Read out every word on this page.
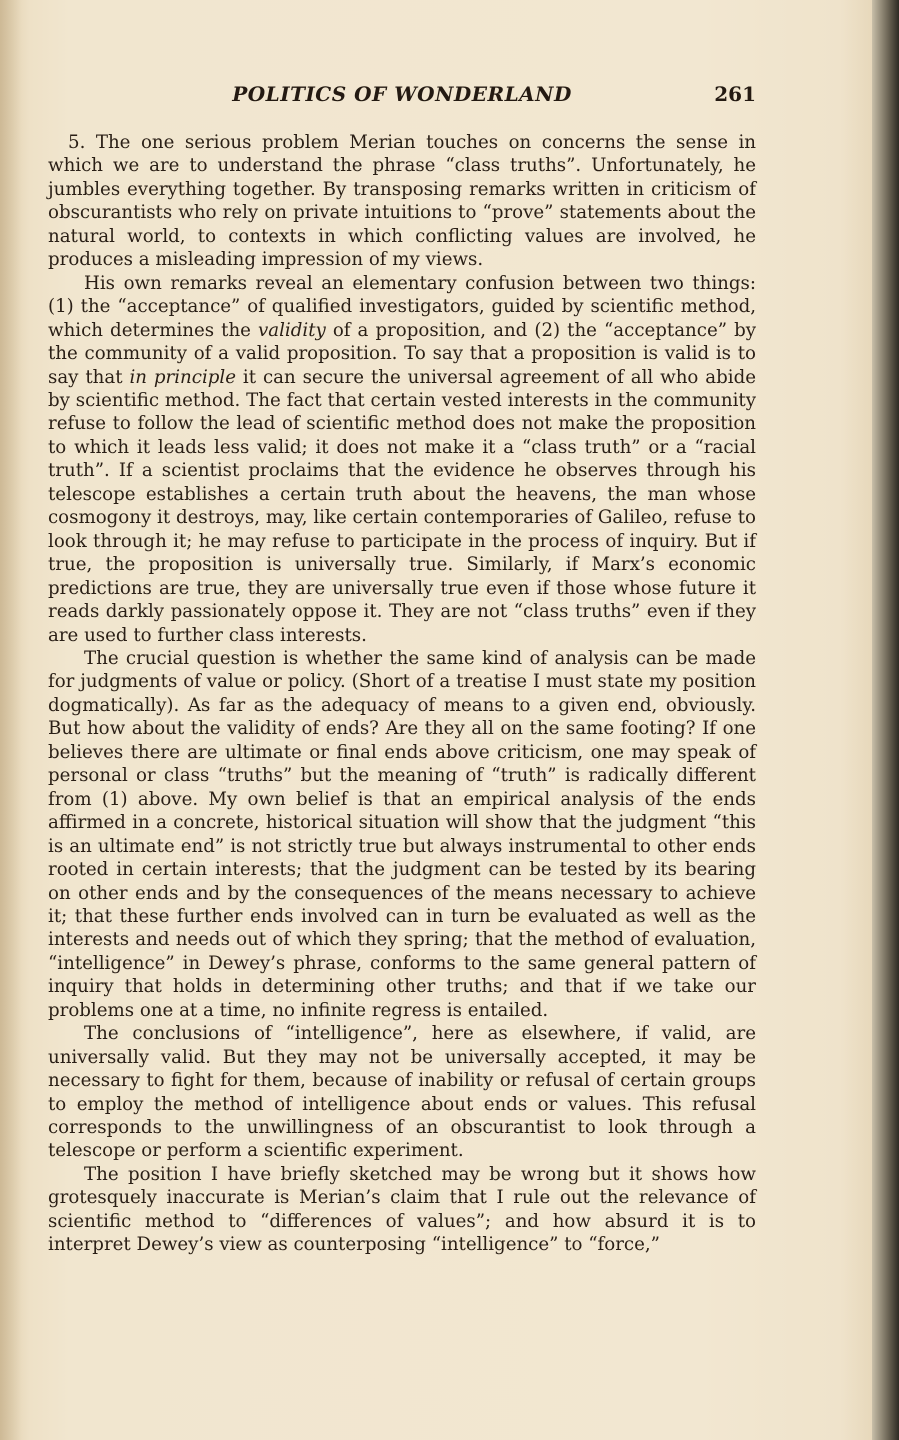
POLITICS OF WONDERLAND	261

5. The one serious problem Merian touches on concerns the sense in which we are to understand the phrase “class truths”. Unfortunately, he jumbles everything together. By transposing remarks written in criticism of obscurantists who rely on private intuitions to “prove” statements about the natural world, to contexts in which conflicting values are involved, he produces a misleading impression of my views.

His own remarks reveal an elementary confusion between two things: (1) the “acceptance” of qualified investigators, guided by scientific method, which determines the validity of a proposition, and (2) the “acceptance” by the community of a valid proposition. To say that a proposition is valid is to say that in principle it can secure the universal agreement of all who abide by scientific method. The fact that certain vested interests in the community refuse to follow the lead of scientific method does not make the proposition to which it leads less valid; it does not make it a “class truth” or a “racial truth”. If a scientist proclaims that the evidence he observes through his telescope establishes a certain truth about the heavens, the man whose cosmogony it destroys, may, like certain contemporaries of Galileo, refuse to look through it; he may refuse to participate in the process of inquiry. But if true, the proposition is universally true. Similarly, if Marx’s economic predictions are true, they are universally true even if those whose future it reads darkly passionately oppose it. They are not “class truths” even if they are used to further class interests.

The crucial question is whether the same kind of analysis can be made for judgments of value or policy. (Short of a treatise I must state my position dogmatically). As far as the adequacy of means to a given end, obviously. But how about the validity of ends? Are they all on the same footing? If one believes there are ultimate or final ends above criticism, one may speak of personal or class “truths” but the meaning of “truth” is radically different from (1) above. My own belief is that an empirical analysis of the ends affirmed in a concrete, historical situation will show that the judgment “this is an ultimate end” is not strictly true but always instrumental to other ends rooted in certain interests; that the judgment can be tested by its bearing on other ends and by the consequences of the means necessary to achieve it; that these further ends involved can in turn be evaluated as well as the interests and needs out of which they spring; that the method of evaluation, “intelligence” in Dewey’s phrase, conforms to the same general pattern of inquiry that holds in determining other truths; and that if we take our problems one at a time, no infinite regress is entailed.

The conclusions of “intelligence”, here as elsewhere, if valid, are universally valid. But they may not be universally accepted, it may be necessary to fight for them, because of inability or refusal of certain groups to employ the method of intelligence about ends or values. This refusal corresponds to the unwillingness of an obscurantist to look through a telescope or perform a scientific experiment.

The position I have briefly sketched may be wrong but it shows how grotesquely inaccurate is Merian’s claim that I rule out the relevance of scientific method to “differences of values”; and how absurd it is to interpret Dewey’s view as counterposing “intelligence” to “force,”
